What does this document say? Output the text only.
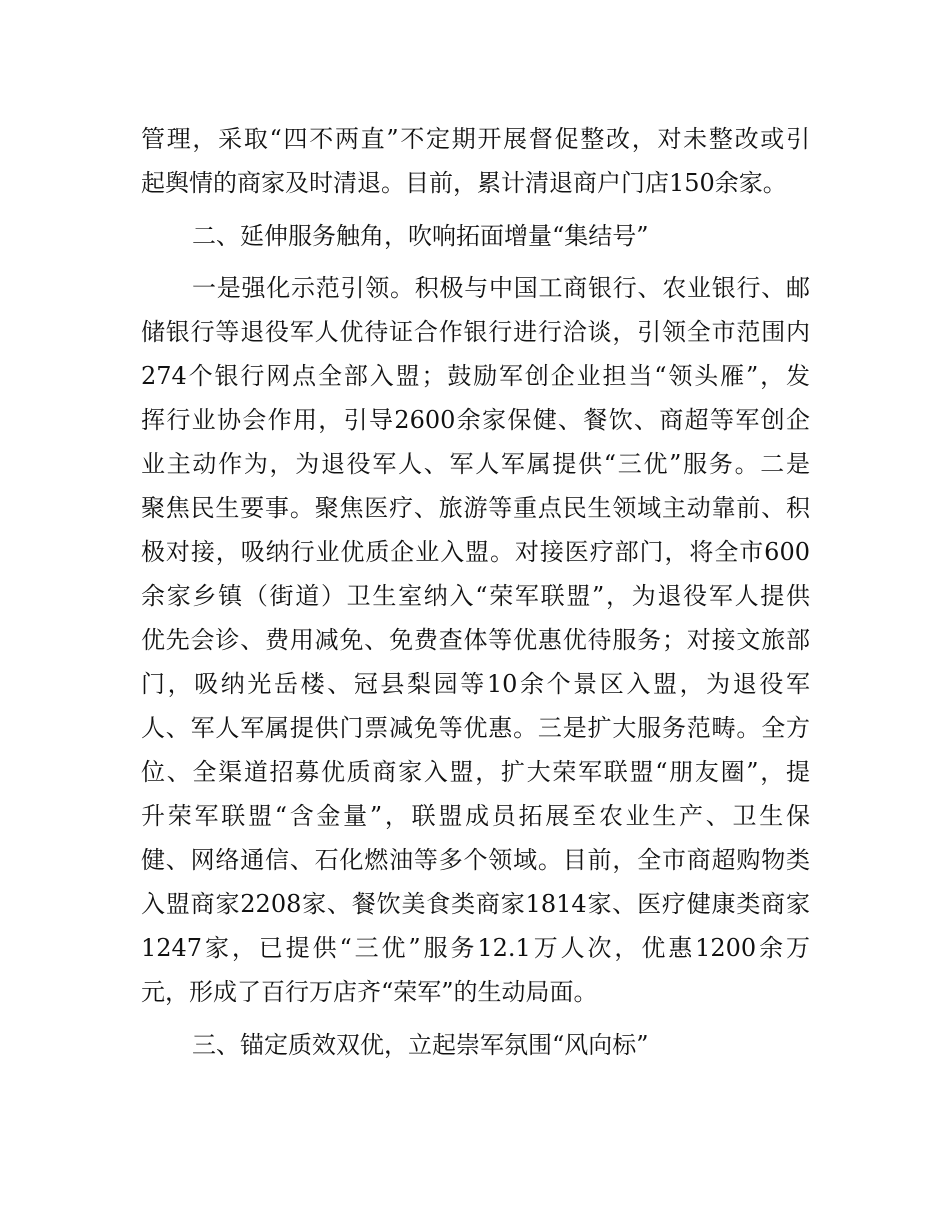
管理，采取“四不两直”不定期开展督促整改，对未整改或引
起舆情的商家及时清退。目前，累计清退商户门店150余家。
二、延伸服务触角，吹响拓面增量“集结号”
一是强化示范引领。积极与中国工商银行、农业银行、邮
储银行等退役军人优待证合作银行进行洽谈，引领全市范围内
274个银行网点全部入盟；鼓励军创企业担当“领头雁”，发
挥行业协会作用，引导2600余家保健、餐饮、商超等军创企
业主动作为，为退役军人、军人军属提供“三优”服务。二是
聚焦民生要事。聚焦医疗、旅游等重点民生领域主动靠前、积
极对接，吸纳行业优质企业入盟。对接医疗部门，将全市600
余家乡镇（街道）卫生室纳入“荣军联盟”，为退役军人提供
优先会诊、费用减免、免费查体等优惠优待服务；对接文旅部
门，吸纳光岳楼、冠县梨园等10余个景区入盟，为退役军
人、军人军属提供门票减免等优惠。三是扩大服务范畴。全方
位、全渠道招募优质商家入盟，扩大荣军联盟“朋友圈”，提
升荣军联盟“含金量”，联盟成员拓展至农业生产、卫生保
健、网络通信、石化燃油等多个领域。目前，全市商超购物类
入盟商家2208家、餐饮美食类商家1814家、医疗健康类商家
1247家，已提供“三优”服务12.1万人次，优惠1200余万
元，形成了百行万店齐“荣军”的生动局面。
三、锚定质效双优，立起崇军氛围“风向标”
